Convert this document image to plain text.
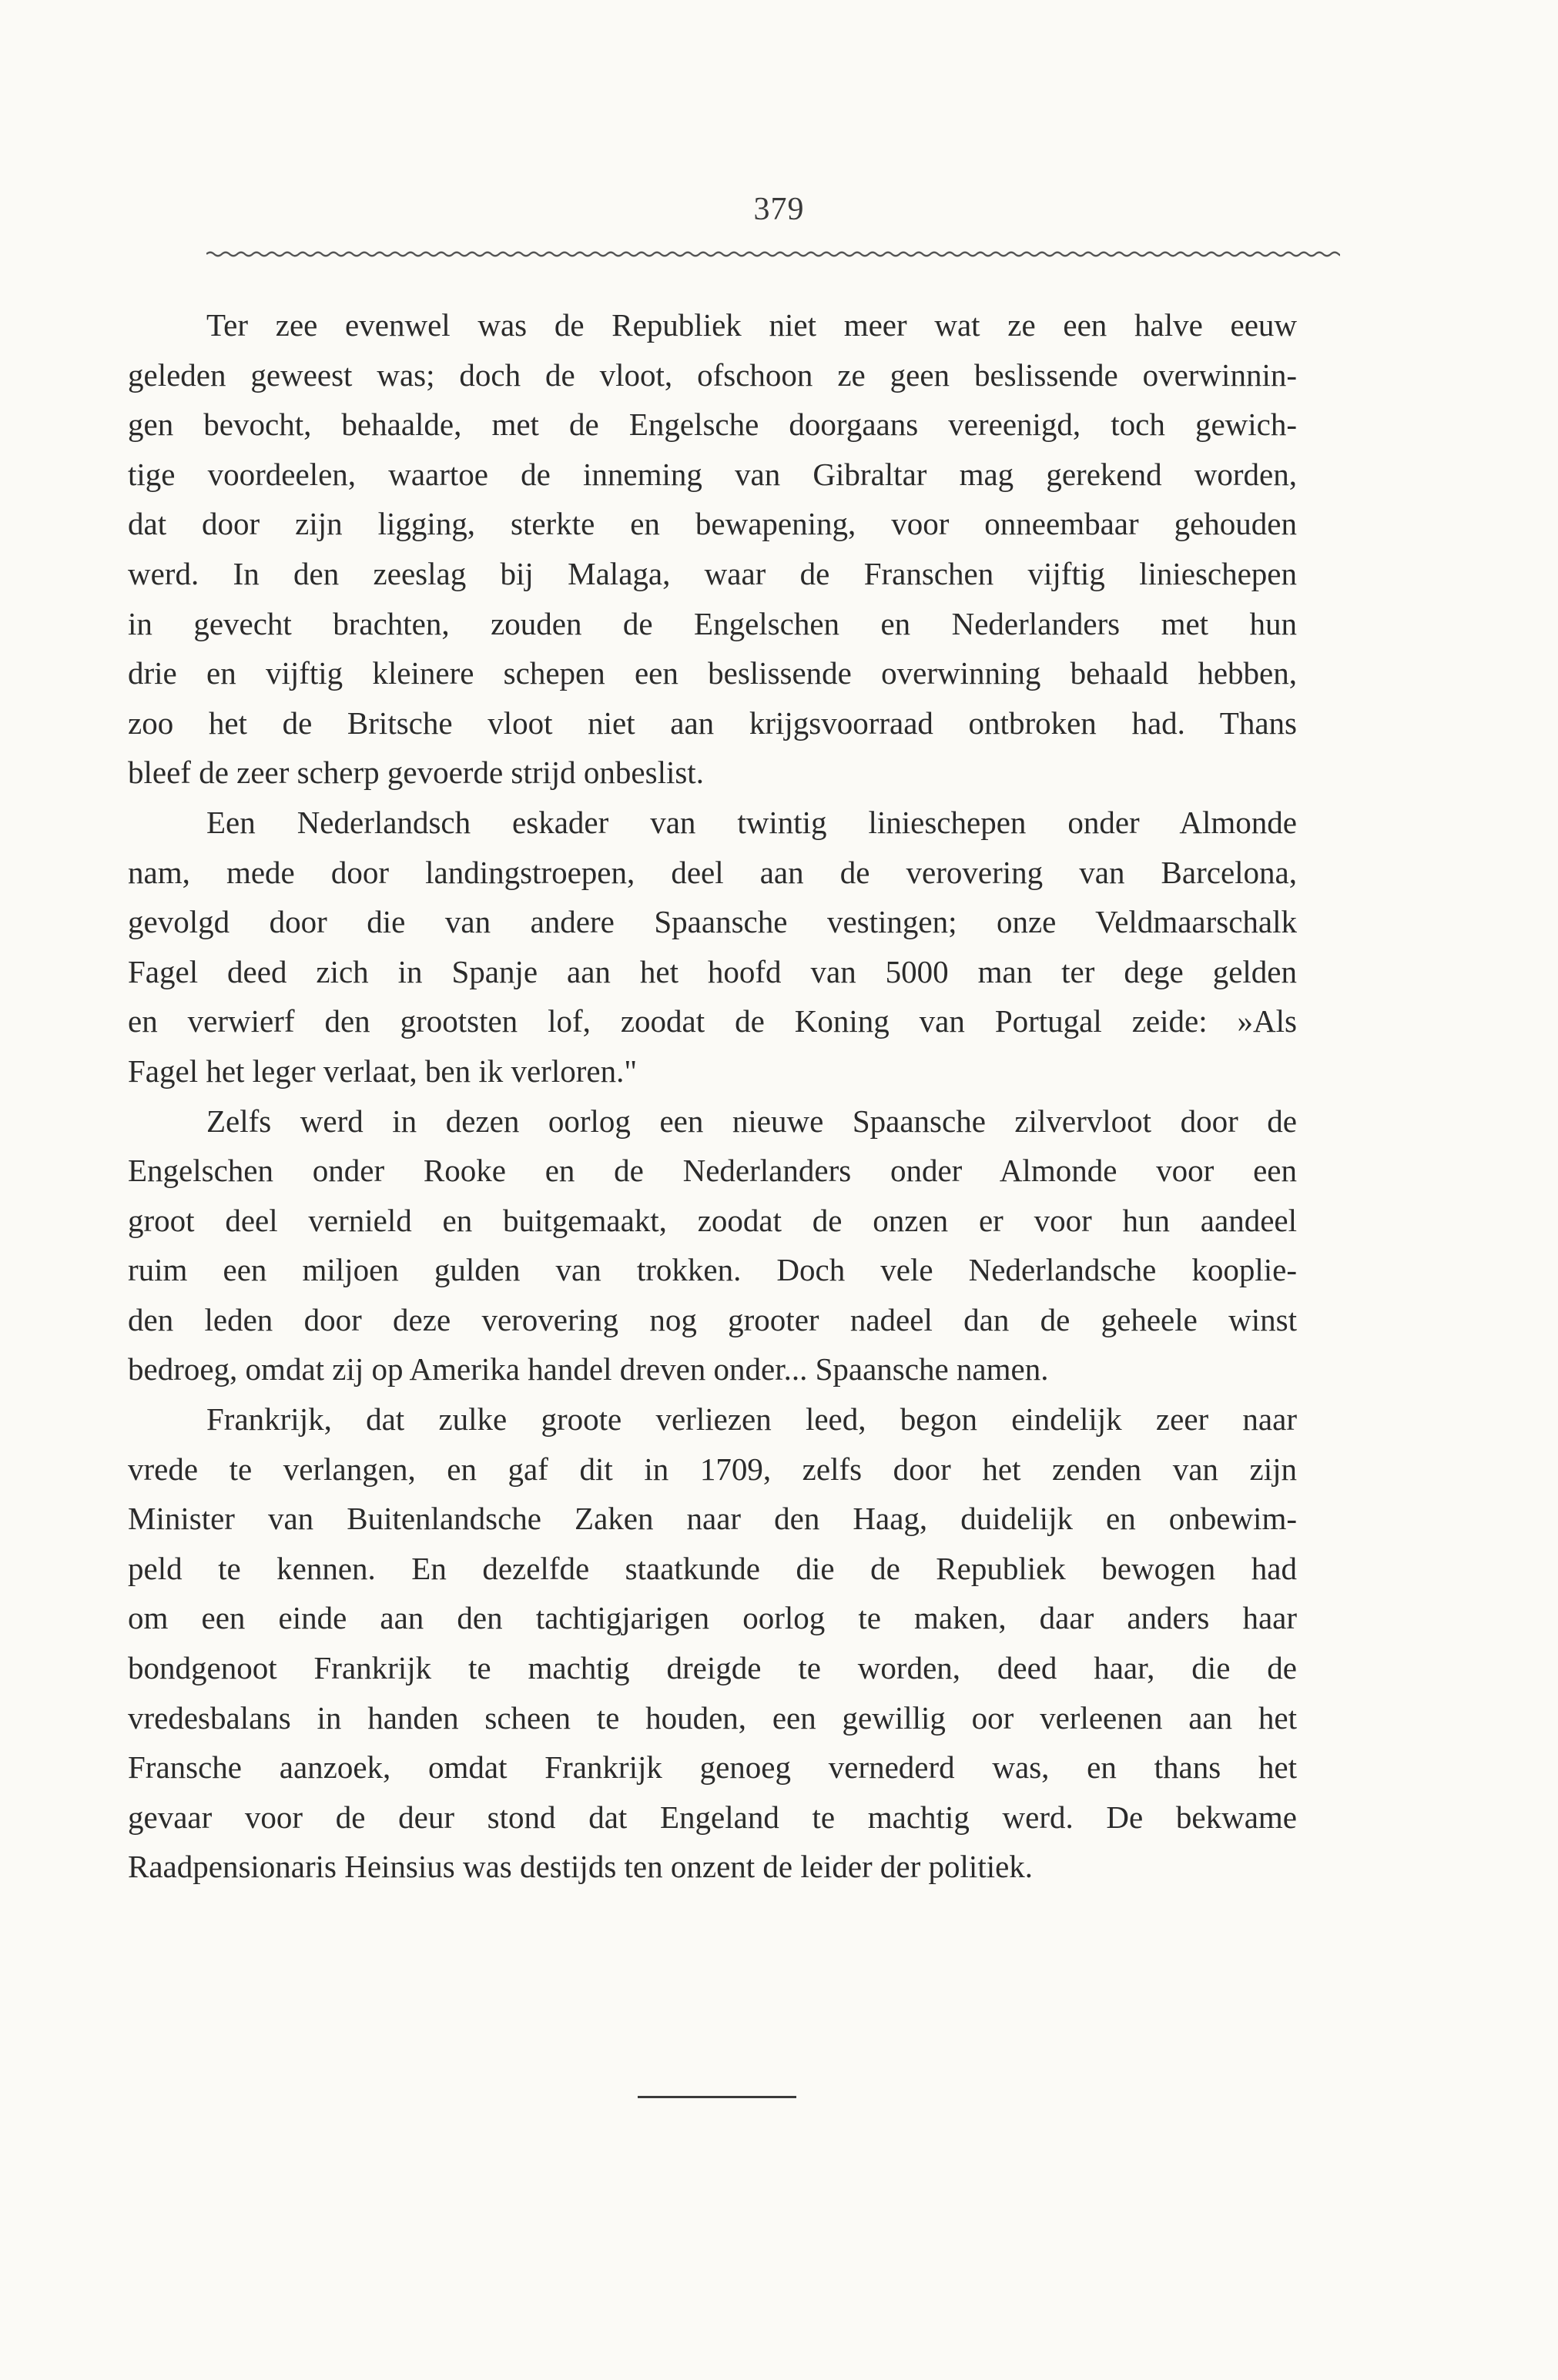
379
Ter zee evenwel was de Republiek niet meer wat ze een halve eeuw
geleden geweest was; doch de vloot, ofschoon ze geen beslissende overwinnin-
gen bevocht, behaalde, met de Engelsche doorgaans vereenigd, toch gewich-
tige voordeelen, waartoe de inneming van Gibraltar mag gerekend worden,
dat door zijn ligging, sterkte en bewapening, voor onneembaar gehouden
werd. In den zeeslag bij Malaga, waar de Franschen vijftig linieschepen
in gevecht brachten, zouden de Engelschen en Nederlanders met hun
drie en vijftig kleinere schepen een beslissende overwinning behaald hebben,
zoo het de Britsche vloot niet aan krijgsvoorraad ontbroken had. Thans
bleef de zeer scherp gevoerde strijd onbeslist.
Een Nederlandsch eskader van twintig linieschepen onder Almonde
nam, mede door landingstroepen, deel aan de verovering van Barcelona,
gevolgd door die van andere Spaansche vestingen; onze Veldmaarschalk
Fagel deed zich in Spanje aan het hoofd van 5000 man ter dege gelden
en verwierf den grootsten lof, zoodat de Koning van Portugal zeide: »Als
Fagel het leger verlaat, ben ik verloren."
Zelfs werd in dezen oorlog een nieuwe Spaansche zilvervloot door de
Engelschen onder Rooke en de Nederlanders onder Almonde voor een
groot deel vernield en buitgemaakt, zoodat de onzen er voor hun aandeel
ruim een miljoen gulden van trokken. Doch vele Nederlandsche kooplie-
den leden door deze verovering nog grooter nadeel dan de geheele winst
bedroeg, omdat zij op Amerika handel dreven onder... Spaansche namen.
Frankrijk, dat zulke groote verliezen leed, begon eindelijk zeer naar
vrede te verlangen, en gaf dit in 1709, zelfs door het zenden van zijn
Minister van Buitenlandsche Zaken naar den Haag, duidelijk en onbewim-
peld te kennen. En dezelfde staatkunde die de Republiek bewogen had
om een einde aan den tachtigjarigen oorlog te maken, daar anders haar
bondgenoot Frankrijk te machtig dreigde te worden, deed haar, die de
vredesbalans in handen scheen te houden, een gewillig oor verleenen aan het
Fransche aanzoek, omdat Frankrijk genoeg vernederd was, en thans het
gevaar voor de deur stond dat Engeland te machtig werd. De bekwame
Raadpensionaris Heinsius was destijds ten onzent de leider der politiek.
